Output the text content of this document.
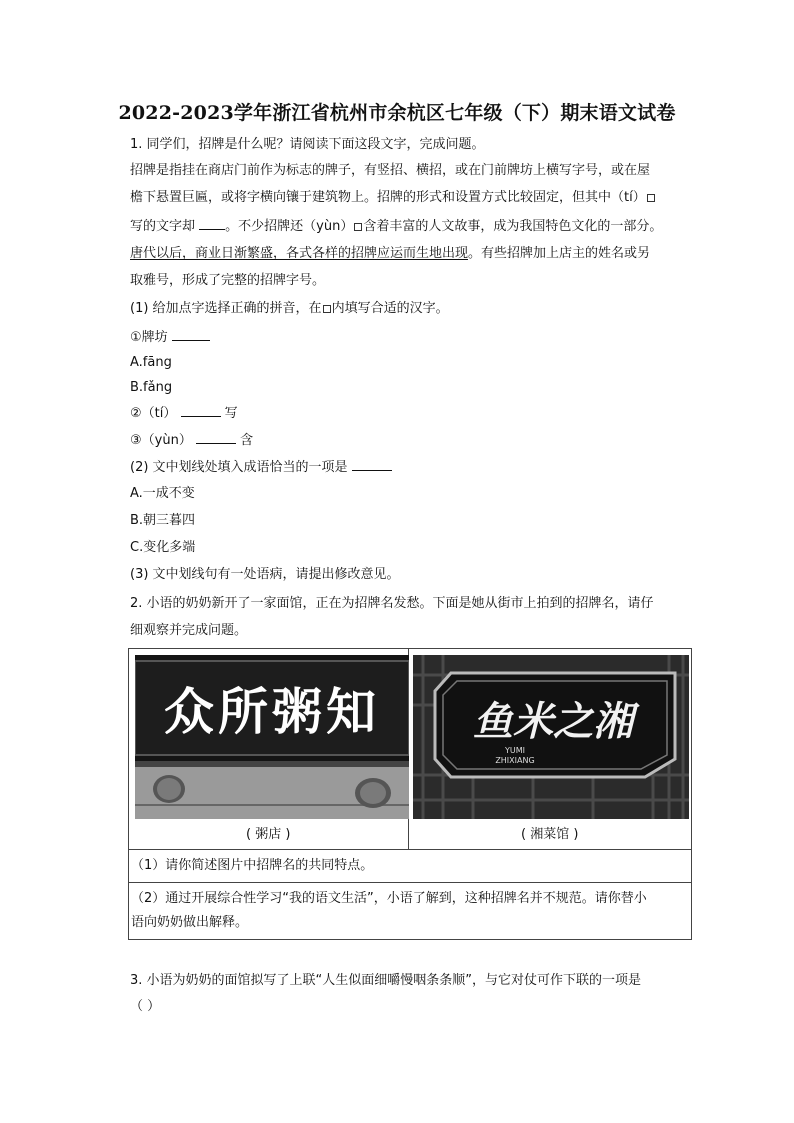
2022-2023学年浙江省杭州市余杭区七年级（下）期末语文试卷
1. 同学们，招牌是什么呢？请阅读下面这段文字，完成问题。
招牌是指挂在商店门前作为标志的牌子，有竖招、横招，或在门前牌坊上横写字号，或在屋
檐下悬置巨匾，或将字横向镶于建筑物上。招牌的形式和设置方式比较固定，但其中（tí）
写的文字却 。不少招牌还（yùn） 含着丰富的人文故事，成为我国特色文化的一部分。
唐代以后，商业日渐繁盛，各式各样的招牌应运而生地出现。有些招牌加上店主的姓名或另
取雅号，形成了完整的招牌字号。
(1) 给加点字选择正确的拼音，在 内填写合适的汉字。
①牌坊
A.fāng
B.fǎng
②（tí）	写
③（yùn）	含
(2) 文中划线处填入成语恰当的一项是
A.一成不变
B.朝三暮四
C.变化多端
(3) 文中划线句有一处语病，请提出修改意见。
2. 小语的奶奶新开了一家面馆，正在为招牌名发愁。下面是她从街市上拍到的招牌名，请仔
细观察并完成问题。
众所粥知
( 粥店 )

鱼米之湘
YUMI
ZHIXIANG
( 湘菜馆 )

（1）请你简述图片中招牌名的共同特点。

（2）通过开展综合性学习“我的语文生活”，小语了解到，这种招牌名并不规范。请你替小
语向奶奶做出解释。
3. 小语为奶奶的面馆拟写了上联“人生似面细嚼慢咽条条顺”，与它对仗可作下联的一项是
（ ）
